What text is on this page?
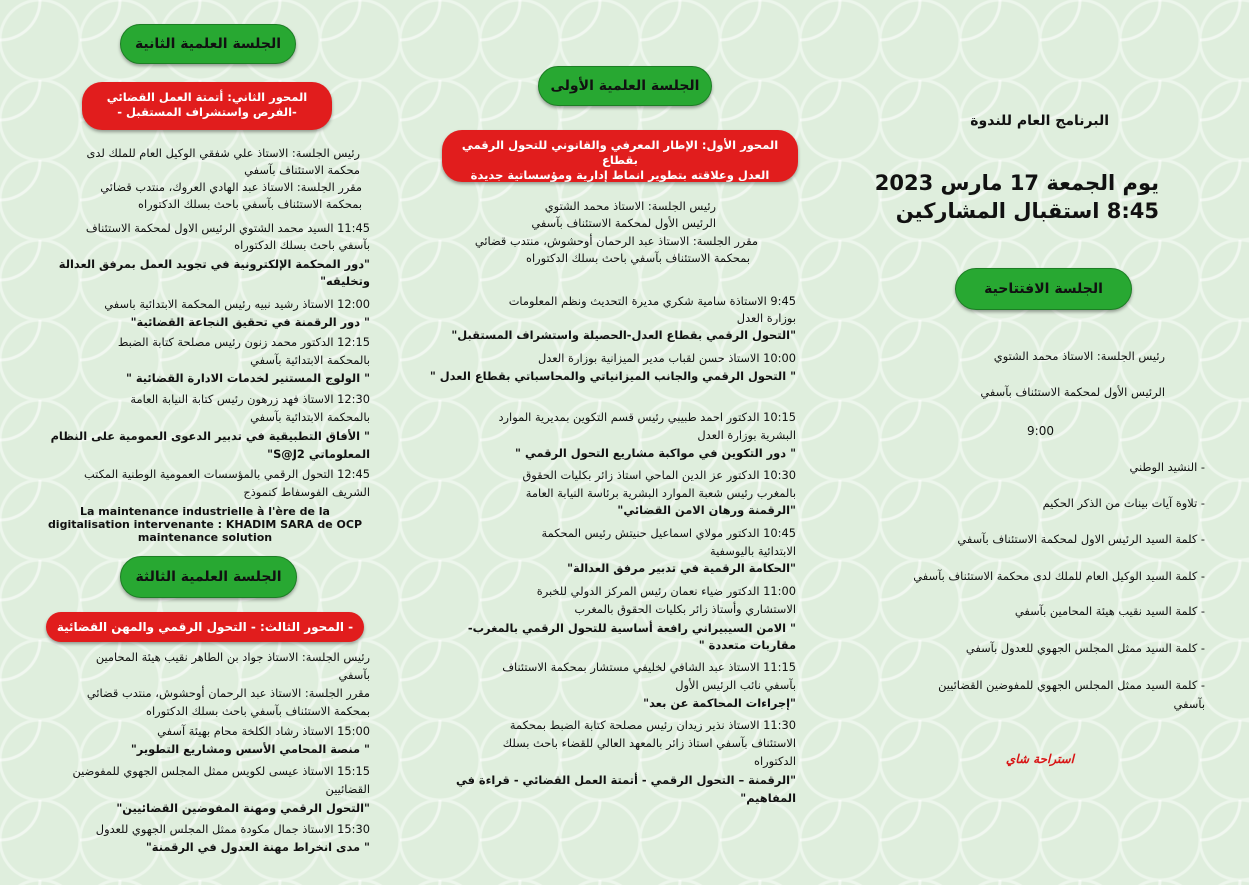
البرنامج العام للندوة
يوم الجمعة 17 مارس 2023
8:45 استقبال المشاركين
الجلسة الافتتاحية
رئيس الجلسة: الاستاذ محمد الشتوي
الرئيس الأول لمحكمة الاستئناف بآسفي
9:00
- النشيد الوطني
- تلاوة آيات بينات من الذكر الحكيم
- كلمة السيد الرئيس الاول لمحكمة الاستئناف بآسفي
- كلمة السيد الوكيل العام للملك لدى محكمة الاستئناف بآسفي
- كلمة السيد نقيب هيئة المحامين بآسفي
- كلمة السيد ممثل المجلس الجهوي للعدول بآسفي
- كلمة السيد ممثل المجلس الجهوي للمفوضين القضائيين
بآسفي
استراحة شاي
الجلسة العلمية الأولى
المحور الأول: الإطار المعرفي والقانوني للتحول الرقمي بقطاع
العدل وعلاقته بتطوير انماط إدارية ومؤسساتية جديدة
رئيس الجلسة: الاستاذ محمد الشتوي
الرئيس الأول لمحكمة الاستئناف بآسفي
مقرر الجلسة: الاستاذ عبد الرحمان أوحشوش، منتدب قضائي
بمحكمة الاستئناف بآسفي باحث بسلك الدكتوراه
9:45 الاستاذة سامية شكري مديرة التحديث ونظم المعلومات
بوزارة العدل
"التحول الرقمي بقطاع العدل-الحصيلة واستشراف المستقبل"
10:00 الاستاذ حسن لقباب مدير الميزانية بوزارة العدل
" التحول الرقمي والجانب الميزانياتي والمحاسباتي بقطاع العدل "
10:15 الدكتور احمد طبيبي رئيس قسم التكوين بمديرية الموارد
البشرية بوزارة العدل
" دور التكوين في مواكبة مشاريع التحول الرقمي "
10:30 الدكتور عز الدين الماحي استاذ زائر بكليات الحقوق
بالمغرب رئيس شعبة الموارد البشرية برئاسة النيابة العامة
"الرقمنة ورهان الامن القضائي"
10:45 الدكتور مولاي اسماعيل حنيتش رئيس المحكمة
الابتدائية باليوسفية
"الحكامة الرقمية في تدبير مرفق العدالة"
11:00 الدكتور ضياء نعمان رئيس المركز الدولي للخبرة
الاستشاري وأستاذ زائر بكليات الحقوق بالمغرب
" الامن السيبيراني رافعة أساسية للتحول الرقمي بالمغرب-
مقاربات متعددة "
11:15 الاستاذ عبد الشافي لخليفي مستشار بمحكمة الاستئناف
بآسفي نائب الرئيس الأول
"إجراءات المحاكمة عن بعد"
11:30 الاستاذ نذير زيدان رئيس مصلحة كتابة الضبط بمحكمة
الاستئناف بآسفي استاذ زائر بالمعهد العالي للقضاء باحث بسلك
الدكتوراه
"الرقمنة – التحول الرقمي - أتمتة العمل القضائي - قراءة في
المفاهيم"
الجلسة العلمية الثانية
المحور الثاني: أتمتة العمل القضائي
- الفرص واستشراف المستقبل-
رئيس الجلسة: الاستاذ علي شفقي الوكيل العام للملك لدى
محكمة الاستئناف بآسفي
مقرر الجلسة: الاستاذ عبد الهادي العروك، منتدب قضائي
بمحكمة الاستئناف بآسفي باحث بسلك الدكتوراه
11:45 السيد محمد الشتوي الرئيس الاول لمحكمة الاستئناف
بآسفي باحث بسلك الدكتوراه
"دور المحكمة الإلكترونية في تجويد العمل بمرفق العدالة
وتخليقه"
12:00 الاستاذ رشيد نبيه رئيس المحكمة الابتدائية باسفي
" دور الرقمنة في تحقيق النجاعة القضائية"
12:15 الدكتور محمد زنون رئيس مصلحة كتابة الضبط
بالمحكمة الابتدائية بآسفي
" الولوج المستنير لخدمات الادارة القضائية "
12:30 الاستاذ فهد زرهون رئيس كتابة النيابة العامة
بالمحكمة الابتدائية بآسفي
" الأفاق التطبيقية في تدبير الدعوى العمومية على النظام
المعلوماتي S@J2"
12:45 التحول الرقمي بالمؤسسات العمومية الوطنية المكتب
الشريف الفوسفاط كنموذج
La maintenance industrielle à l'ère de la
digitalisation intervenante : KHADIM SARA de OCP
maintenance solution
الجلسة العلمية الثالثة
المحور الثالث: - التحول الرقمي والمهن القضائية -
رئيس الجلسة: الاستاذ جواد بن الطاهر نقيب هيئة المحامين
بآسفي
مقرر الجلسة: الاستاذ عبد الرحمان أوحشوش، منتدب قضائي
بمحكمة الاستئناف بآسفي باحث بسلك الدكتوراه
15:00 الاستاذ رشاد الكلخة محام بهيئة آسفي
" منصة المحامي الأسس ومشاريع التطوير"
15:15 الاستاذ عيسى لكويس ممثل المجلس الجهوي للمفوضين
القضائيين
"التحول الرقمي ومهنة المفوضين القضائيين"
15:30 الاستاذ جمال مكودة ممثل المجلس الجهوي للعدول
" مدى انخراط مهنة العدول في الرقمنة"
